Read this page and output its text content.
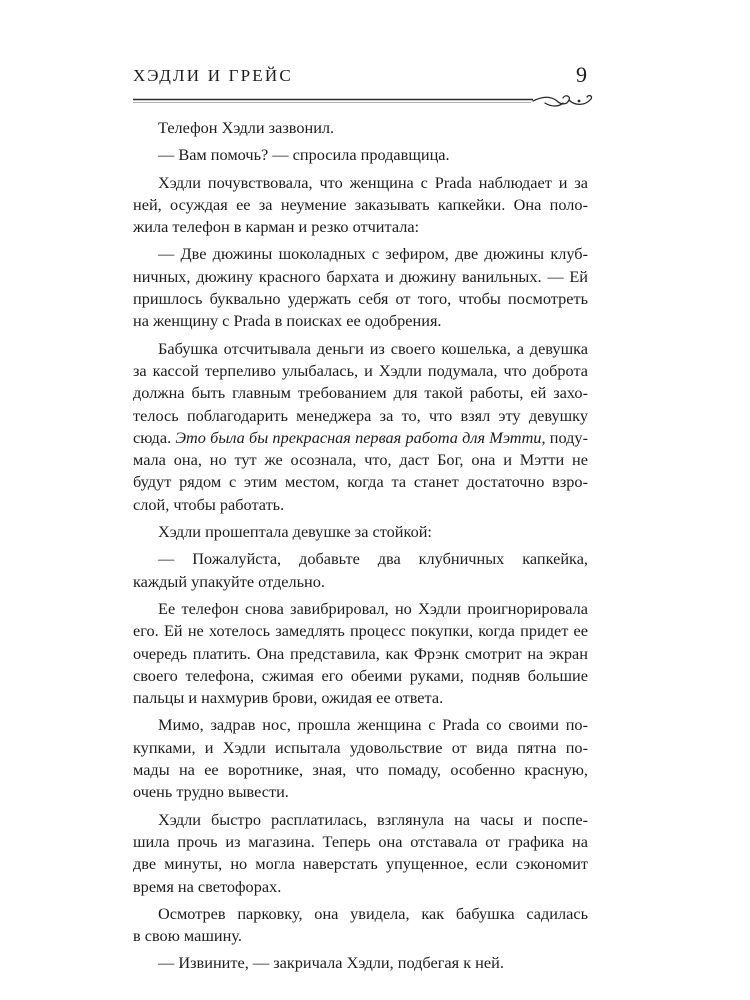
ХЭДЛИ И ГРЕЙС	9
Телефон Хэдли зазвонил.
— Вам помочь? — спросила продавщица.
Хэдли почувствовала, что женщина с Prada наблюдает и за
ней, осуждая ее за неумение заказывать капкейки. Она поло-
жила телефон в карман и резко отчитала:
— Две дюжины шоколадных с зефиром, две дюжины клуб-
ничных, дюжину красного бархата и дюжину ванильных. — Ей
пришлось буквально удержать себя от того, чтобы посмотреть
на женщину с Prada в поисках ее одобрения.
Бабушка отсчитывала деньги из своего кошелька, а девушка
за кассой терпеливо улыбалась, и Хэдли подумала, что доброта
должна быть главным требованием для такой работы, ей захо-
телось поблагодарить менеджера за то, что взял эту девушку
сюда. Это была бы прекрасная первая работа для Мэтти, поду-
мала она, но тут же осознала, что, даст Бог, она и Мэтти не
будут рядом с этим местом, когда та станет достаточно взро-
слой, чтобы работать.
Хэдли прошептала девушке за стойкой:
— Пожалуйста, добавьте два клубничных капкейка,
каждый упакуйте отдельно.
Ее телефон снова завибрировал, но Хэдли проигнорировала
его. Ей не хотелось замедлять процесс покупки, когда придет ее
очередь платить. Она представила, как Фрэнк смотрит на экран
своего телефона, сжимая его обеими руками, подняв большие
пальцы и нахмурив брови, ожидая ее ответа.
Мимо, задрав нос, прошла женщина с Prada со своими по-
купками, и Хэдли испытала удовольствие от вида пятна по-
мады на ее воротнике, зная, что помаду, особенно красную,
очень трудно вывести.
Хэдли быстро расплатилась, взглянула на часы и поспе-
шила прочь из магазина. Теперь она отставала от графика на
две минуты, но могла наверстать упущенное, если сэкономит
время на светофорах.
Осмотрев парковку, она увидела, как бабушка садилась
в свою машину.
— Извините, — закричала Хэдли, подбегая к ней.
